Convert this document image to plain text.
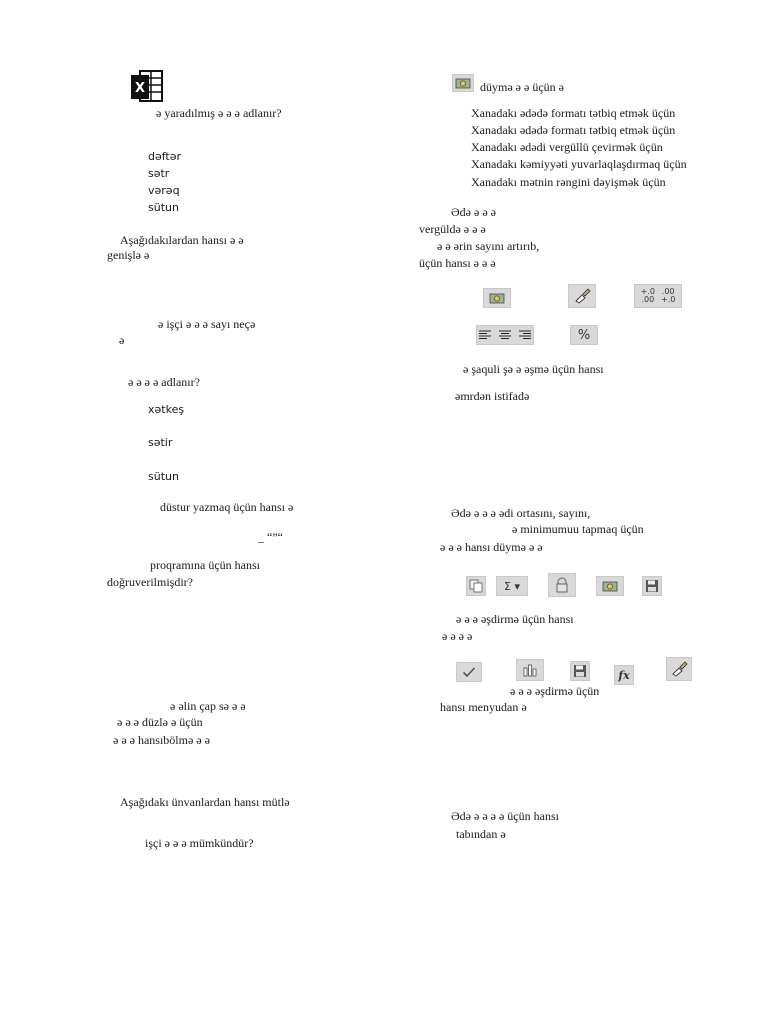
X
ə yaradılmış ə ə ə adlanır?
dəftər
sətr
vərəq
sütun
Aşağıdakılardan hansı ə ə
genişlə ə
ə işçi ə ə ə sayı neçə
ə
ə ə ə ə adlanır?
xətkeş
sətir
sütun
düstur yazmaq üçün hansı ə
_ “”“
proqramına üçün hansı
doğruverilmişdir?
ə əlin çap sə ə ə
ə ə ə düzlə ə üçün
ə ə ə hansıbölmə ə ə
Aşağıdakı ünvanlardan hansı mütlə
işçi ə ə ə mümkündür?
düymə ə ə üçün ə
Xanadakı ədədə formatı tətbiq etmək üçün
Xanadakı ədədə formatı tətbiq etmək üçün
Xanadakı ədədi vergüllü çevirmək üçün
Xanadakı kəmiyyəti yuvarlaqlaşdırmaq üçün
Xanadakı mətnin rəngini dəyişmək üçün
Ədə ə ə ə
vergüldə ə ə ə
ə ə ərin sayını artırıb,
üçün hansı ə ə ə
+.0
.00
.00
+.0
%
ə şaquli şə ə əşmə üçün hansı
əmrdən istifadə
Ədə ə ə ə ədi ortasını, sayını,
ə minimumuu tapmaq üçün
ə ə ə hansı düymə ə ə
Σ ▾
ə ə ə əşdirmə üçün hansı
ə ə ə ə
fx
ə ə ə əşdirmə üçün
hansı menyudan ə
Ədə ə ə ə ə üçün hansı
tabından ə
